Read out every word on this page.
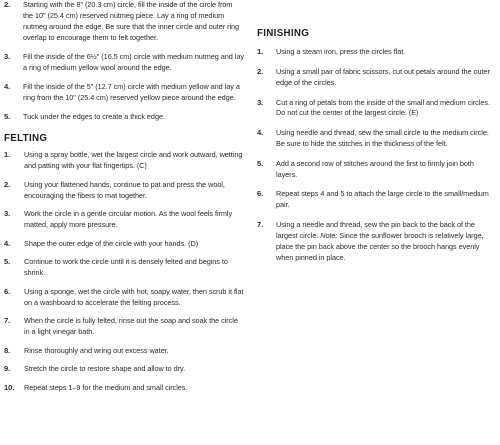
2.	Starting with the 8" (20.3 cm) circle, fill the inside of the circle from the 10" (25.4 cm) reserved nutmeg piece. Lay a ring of medium nutmeg around the edge. Be sure that the inner circle and outer ring overlap to encourage them to felt together.
3.	Fill the inside of the 6½" (16.5 cm) circle with medium nutmeg and lay a ring of medium yellow wool around the edge.
4.	Fill the inside of the 5" (12.7 cm) circle with medium yellow and lay a ring from the 10" (25.4 cm) reserved yellow piece around the edge.
5.	Tuck under the edges to create a thick edge.
FELTING
1.	Using a spray bottle, wet the largest circle and work outward, wetting and patting with your flat fingertips. (C)
2.	Using your flattened hands, continue to pat and press the wool, encouraging the fibers to mat together.
3.	Work the circle in a gentle circular motion. As the wool feels firmly matted, apply more pressure.
4.	Shape the outer edge of the circle with your hands. (D)
5.	Continue to work the circle until it is densely felted and begins to shrink.
6.	Using a sponge, wet the circle with hot, soapy water, then scrub it flat on a washboard to accelerate the felting process.
7.	When the circle is fully felted, rinse out the soap and soak the circle in a light vinegar bath.
8.	Rinse thoroughly and wring out excess water.
9.	Stretch the circle to restore shape and allow to dry.
10.	Repeat steps 1–9 for the medium and small circles.
FINISHING
1.	Using a steam iron, press the circles flat.
2.	Using a small pair of fabric scissors, cut out petals around the outer edge of the circles.
3.	Cut a ring of petals from the inside of the small and medium circles. Do not cut the center of the largest circle. (E)
4.	Using needle and thread, sew the small circle to the medium circle. Be sure to hide the stitches in the thickness of the felt.
5.	Add a second row of stitches around the first to firmly join both layers.
6.	Repeat steps 4 and 5 to attach the large circle to the small/medium pair.
7.	Using a needle and thread, sew the pin back to the back of the largest circle. Note: Since the sunflower brooch is relatively large, place the pin back above the center so the brooch hangs evenly when pinned in place.
